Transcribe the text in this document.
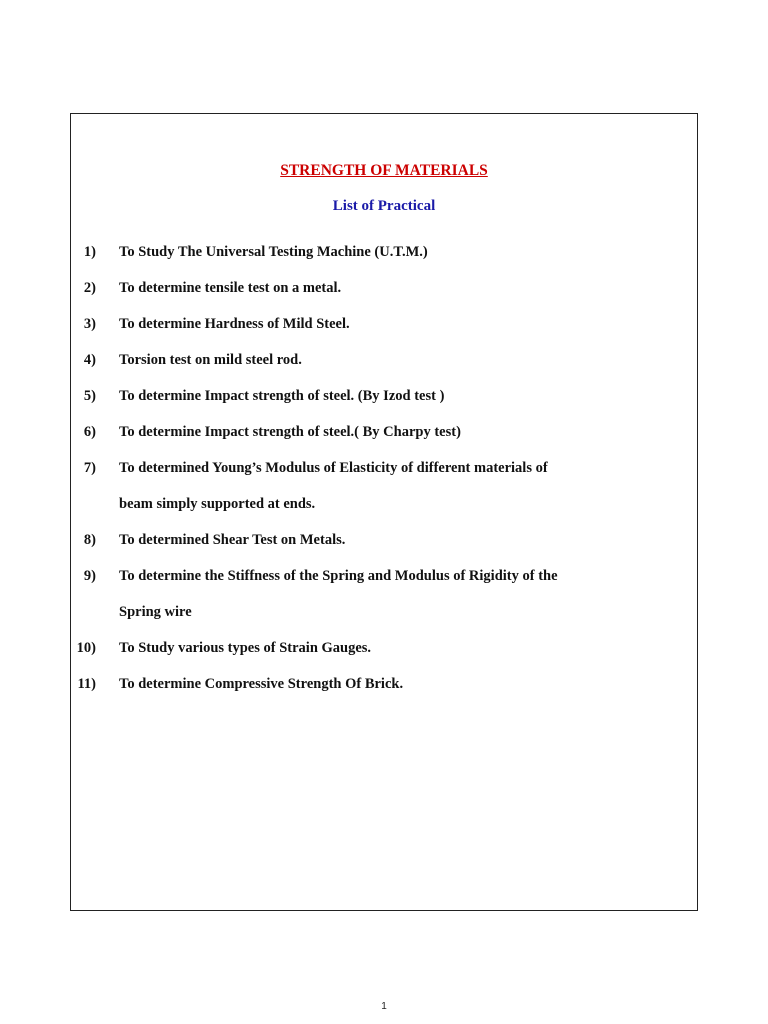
STRENGTH OF MATERIALS
List of Practical
1) To Study The Universal Testing Machine (U.T.M.)
2) To determine tensile test on a metal.
3) To determine Hardness of Mild Steel.
4) Torsion test on mild steel rod.
5) To determine Impact strength of steel. (By Izod test )
6) To determine Impact strength of steel.( By Charpy test)
7) To determined Young’s Modulus of Elasticity of different materials of
beam simply supported at ends.
8) To determined Shear Test on Metals.
9) To determine the Stiffness of the Spring and Modulus of Rigidity of the
Spring wire
10) To Study various types of Strain Gauges.
11) To determine Compressive Strength Of Brick.
1
